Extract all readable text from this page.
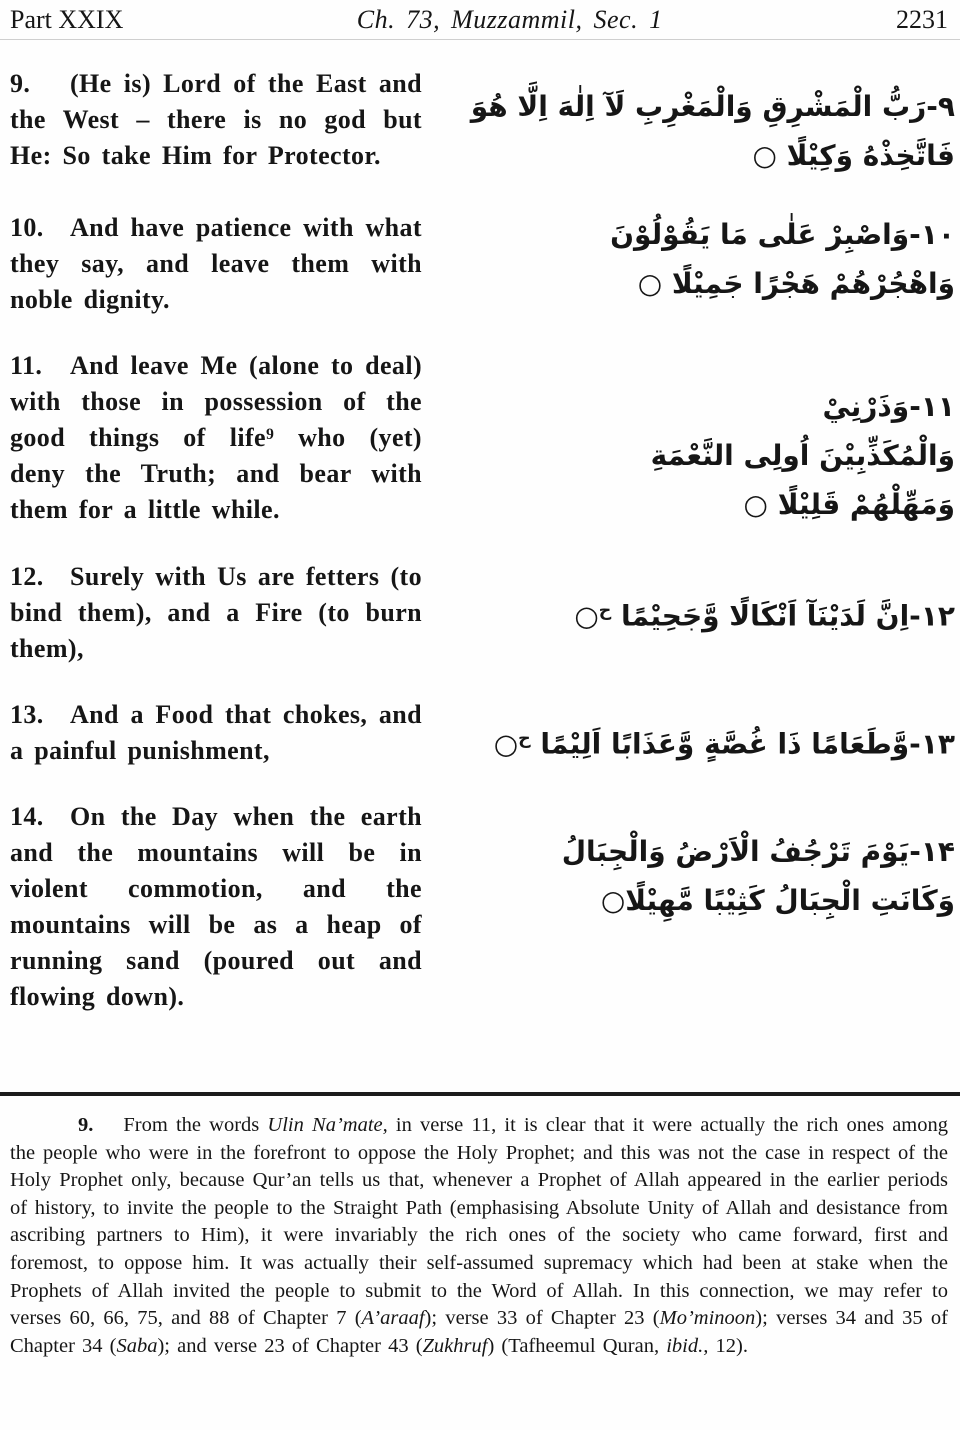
Part XXIX	Ch. 73, Muzzammil, Sec. 1	2231
9. (He is) Lord of the East and the West – there is no god but He: So take Him for Protector.
۹-رَبُّ الْمَشْرِقِ وَالْمَغْرِبِ لَآ اِلٰهَ اِلَّا هُوَ
فَاتَّخِذْهُ وَكِيْلًا ○
10. And have patience with what they say, and leave them with noble dignity.
۱۰-وَاصْبِرْ عَلٰى مَا يَقُوْلُوْنَ
وَاهْجُرْهُمْ هَجْرًا جَمِيْلًا ○
11. And leave Me (alone to deal) with those in possession of the good things of life⁹ who (yet) deny the Truth; and bear with them for a little while.
۱۱-وَذَرْنِيْ
وَالْمُكَذِّبِيْنَ اُولِى النَّعْمَةِ
وَمَهِّلْهُمْ قَلِيْلًا ○
12. Surely with Us are fetters (to bind them), and a Fire (to burn them),
۱۲-اِنَّ لَدَيْنَآ اَنْكَالًا وَّجَحِيْمًا $^ح$○
13. And a Food that chokes, and a painful punishment,	۱۳-وَّطَعَامًا ذَا غُصَّةٍ وَّعَذَابًا اَلِيْمًا $^ح$○
14. On the Day when the earth and the mountains will be in violent commotion, and the mountains will be as a heap of running sand (poured out and flowing down).
۱۴-يَوْمَ تَرْجُفُ الْاَرْضُ وَالْجِبَالُ
وَكَانَتِ الْجِبَالُ كَثِيْبًا مَّهِيْلًا○

9. From the words Ulin Na’mate, in verse 11, it is clear that it were actually the rich ones among the people who were in the forefront to oppose the Holy Prophet; and this was not the case in respect of the Holy Prophet only, because Qur’an tells us that, whenever a Prophet of Allah appeared in the earlier periods of history, to invite the people to the Straight Path (emphasising Absolute Unity of Allah and desistance from ascribing partners to Him), it were invariably the rich ones of the society who came forward, first and foremost, to oppose him. It was actually their self-assumed supremacy which had been at stake when the Prophets of Allah invited the people to submit to the Word of Allah. In this connection, we may refer to verses 60, 66, 75, and 88 of Chapter 7 (A’araaf); verse 33 of Chapter 23 (Mo’minoon); verses 34 and 35 of Chapter 34 (Saba); and verse 23 of Chapter 43 (Zukhruf) (Tafheemul Quran, ibid., 12).
